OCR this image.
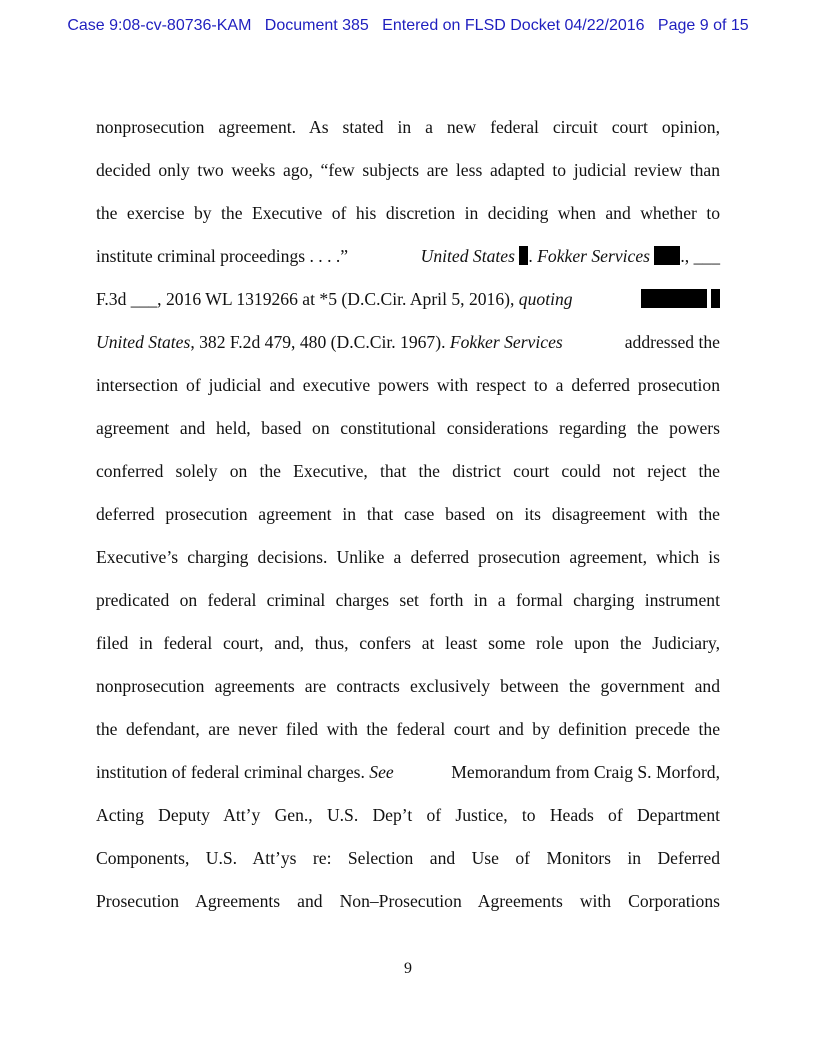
Case 9:08-cv-80736-KAM Document 385 Entered on FLSD Docket 04/22/2016 Page 9 of 15
nonprosecution agreement. As stated in a new federal circuit court opinion,
decided only two weeks ago, “few subjects are less adapted to judicial review than
the exercise by the Executive of his discretion in deciding when and whether to
institute criminal proceedings . . . .”	United States . Fokker Services ., ___
F.3d ___, 2016 WL 1319266 at *5 (D.C.Cir. April 5, 2016), quoting

United States, 382 F.2d 479, 480 (D.C.Cir. 1967). Fokker Services	addressed the
intersection of judicial and executive powers with respect to a deferred prosecution
agreement and held, based on constitutional considerations regarding the powers
conferred solely on the Executive, that the district court could not reject the
deferred prosecution agreement in that case based on its disagreement with the
Executive’s charging decisions. Unlike a deferred prosecution agreement, which is
predicated on federal criminal charges set forth in a formal charging instrument
filed in federal court, and, thus, confers at least some role upon the Judiciary,
nonprosecution agreements are contracts exclusively between the government and
the defendant, are never filed with the federal court and by definition precede the
institution of federal criminal charges. See	Memorandum from Craig S. Morford,
Acting Deputy Att’y Gen., U.S. Dep’t of Justice, to Heads of Department
Components, U.S. Att’ys re: Selection and Use of Monitors in Deferred
Prosecution Agreements and Non–Prosecution Agreements with Corporations
9
